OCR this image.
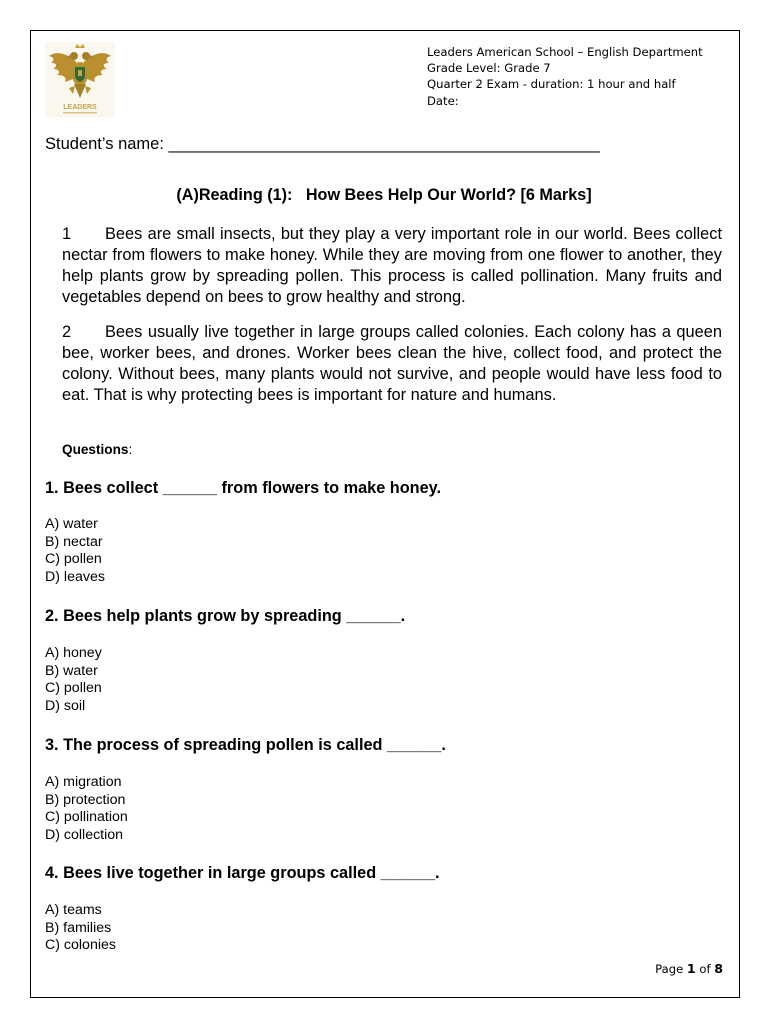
LEADERS
Leaders American School – English Department
Grade Level: Grade 7
Quarter 2 Exam - duration: 1 hour and half
Date:
Student’s name: _______________________________________________
(A)Reading (1):   How Bees Help Our World? [6 Marks]

1 Bees are small insects, but they play a very important role in our world. Bees collect nectar from flowers to make honey. While they are moving from one flower to another, they help plants grow by spreading pollen. This process is called pollination. Many fruits and vegetables depend on bees to grow healthy and strong.

2 Bees usually live together in large groups called colonies. Each colony has a queen bee, worker bees, and drones. Worker bees clean the hive, collect food, and protect the colony. Without bees, many plants would not survive, and people would have less food to eat. That is why protecting bees is important for nature and humans.

Questions:
1. Bees collect ______ from flowers to make honey.
A) water
B) nectar
C) pollen
D) leaves
2. Bees help plants grow by spreading ______.
A) honey
B) water
C) pollen
D) soil
3. The process of spreading pollen is called ______.
A) migration
B) protection
C) pollination
D) collection
4. Bees live together in large groups called ______.
A) teams
B) families
C) colonies
Page 1 of 8
